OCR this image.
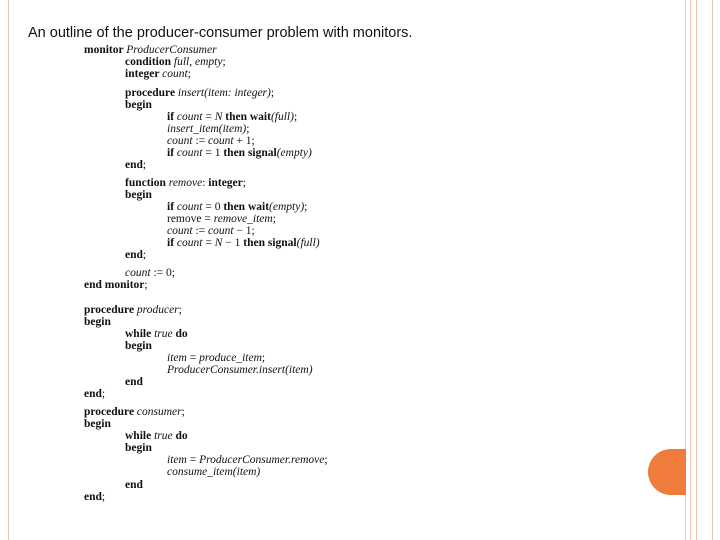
An outline of the producer-consumer problem with monitors.
monitor ProducerConsumer
condition full, empty;
integer count;
procedure insert(item: integer);
begin
if count = N then wait(full);
insert_item(item);
count := count + 1;
if count = 1 then signal(empty)
end;
function remove: integer;
begin
if count = 0 then wait(empty);
remove = remove_item;
count := count − 1;
if count = N − 1 then signal(full)
end;
count := 0;
end monitor;
procedure producer;
begin
while true do
begin
item = produce_item;
ProducerConsumer.insert(item)
end
end;
procedure consumer;
begin
while true do
begin
item = ProducerConsumer.remove;
consume_item(item)
end
end;
